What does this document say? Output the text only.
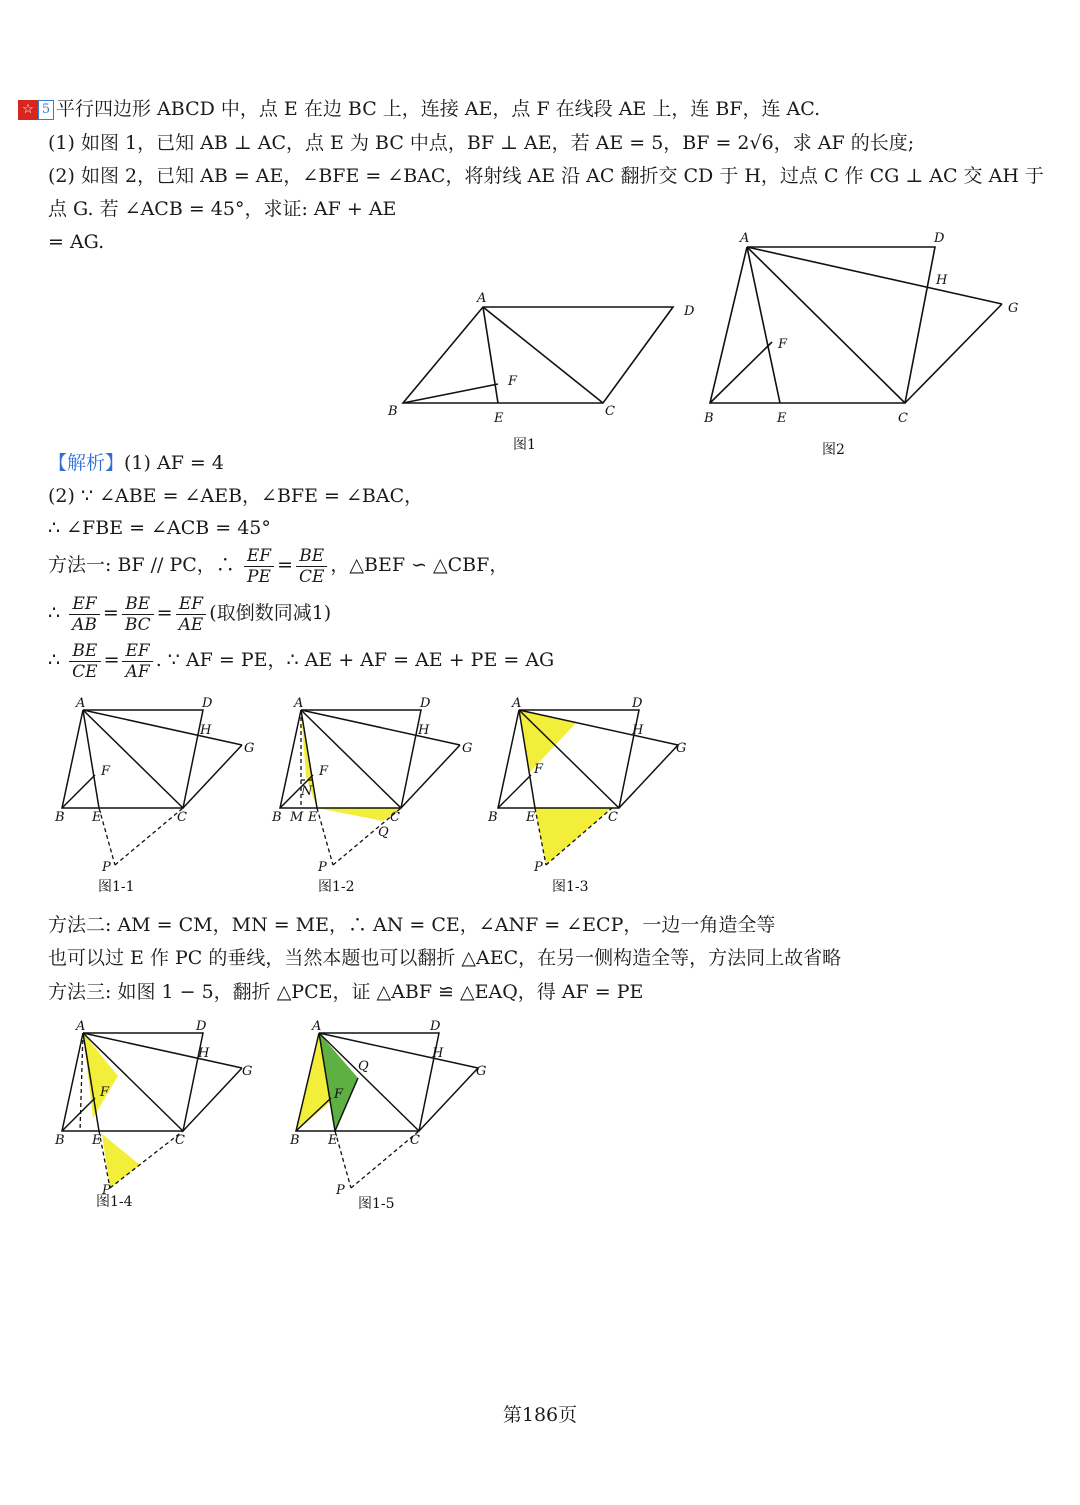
☆ 5 平行四边形 ABCD 中，点 E 在边 BC 上，连接 AE，点 F 在线段 AE 上，连 BF，连 AC.
(1) 如图 1，已知 AB ⊥ AC，点 E 为 BC 中点，BF ⊥ AE，若 AE = 5，BF = 2√6，求 AF 的长度;
(2) 如图 2，已知 AB = AE，∠BFE = ∠BAC，将射线 AE 沿 AC 翻折交 CD 于 H，过点 C 作 CG ⊥ AC 交 AH 于
点 G. 若 ∠ACB = 45°，求证: AF + AE
= AG.
A
D
B	E	C
F
图1
A	D
H
G
F
B	E	C
图2
【解析】(1) AF = 4
(2) ∵ ∠ABE = ∠AEB，∠BFE = ∠BAC，
∴ ∠FBE = ∠ACB = 45°
方法一: BF // PC，∴ $\frac{EF}{PE} = \frac{BE}{CE}$ ，△BEF ∽ △CBF，
∴ $\frac{EF}{AB} = \frac{BE}{BC} = \frac{EF}{AE}$ (取倒数同减1)
∴ $\frac{BE}{CE} = \frac{EF}{AF}$ . ∵ AF = PE，∴ AE + AF = AE + PE = AG
A	D
H
G
F
B E	C
P
图1-1
A	D
H
G
F
N
B M E	C
Q
P
图1-2
A	D
H
G
F
B E	C
P
图1-3
方法二: AM = CM，MN = ME，∴ AN = CE，∠ANF = ∠ECP，一边一角造全等
也可以过 E 作 PC 的垂线，当然本题也可以翻折 △AEC，在另一侧构造全等，方法同上故省略
方法三: 如图 1 − 5，翻折 △PCE，证 △ABF ≌ △EAQ，得 AF = PE
A	D
H
G
F
B E	C
P
图1-4
A	D
H
G
Q
F
B E	C
P
图1-5
第186页
